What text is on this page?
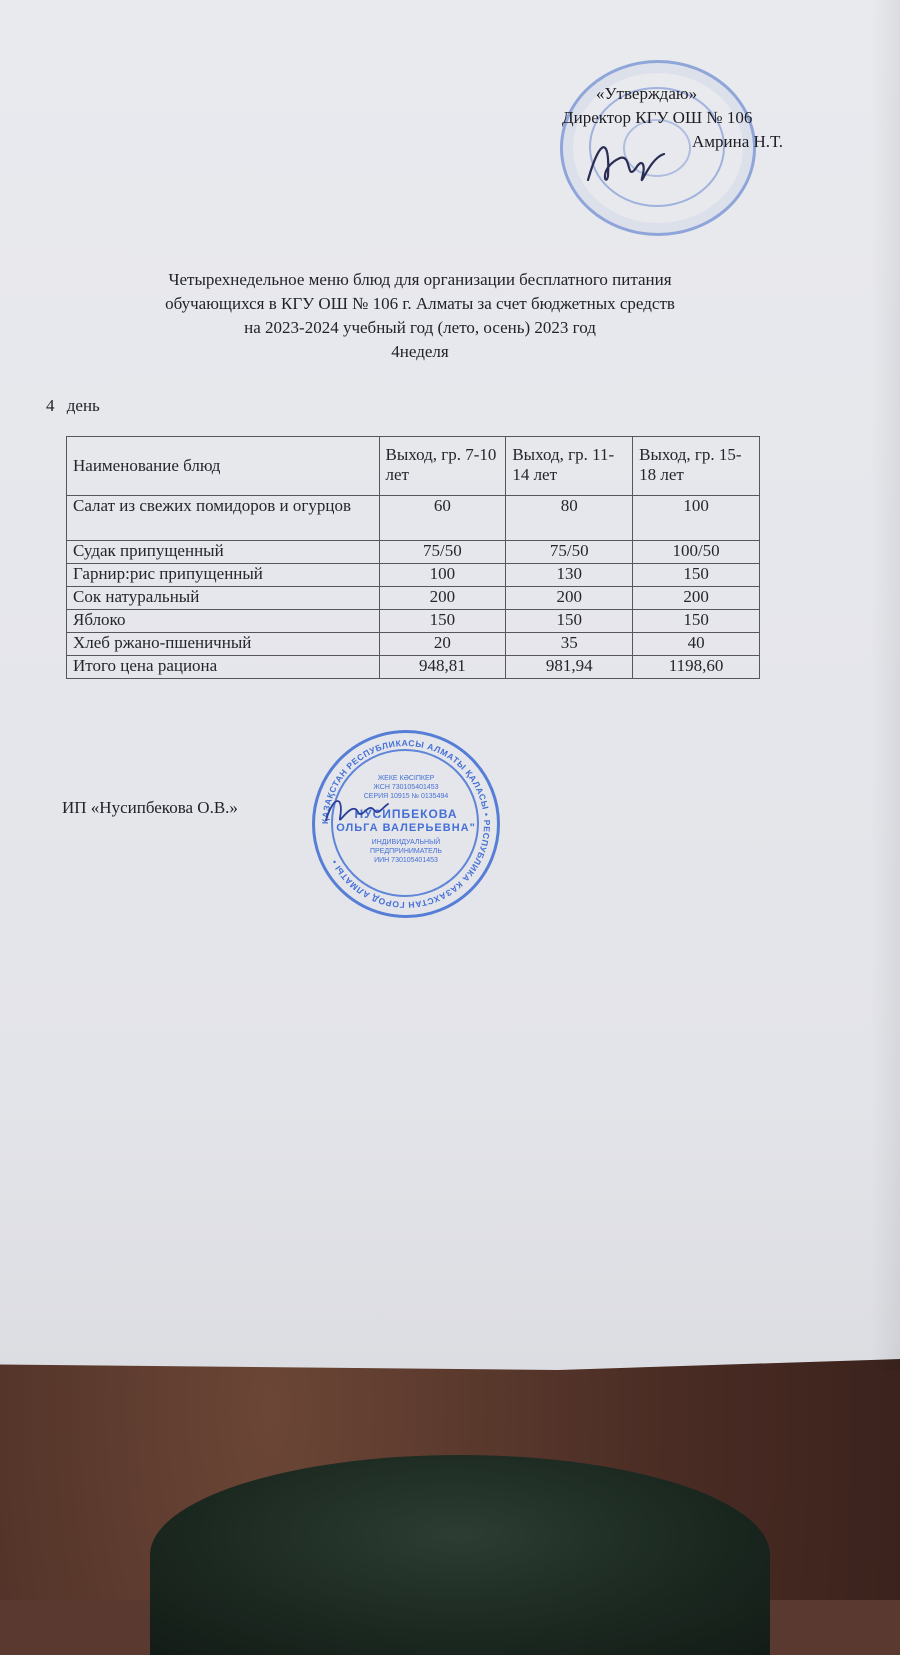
«Утверждаю»
Директор КГУ ОШ № 106
Амрина Н.Т.
Четырехнедельное меню блюд для организации бесплатного питания
обучающихся в КГУ ОШ № 106 г. Алматы за счет бюджетных средств
на 2023-2024 учебный год (лето, осень) 2023 год
4неделя
4 день
Наименование блюд	Выход, гр. 7-10 лет	Выход, гр. 11-14 лет	Выход, гр. 15-18 лет
Салат из свежих помидоров и огурцов	60	80	100
Судак припущенный	75/50	75/50	100/50
Гарнир:рис припущенный	100	130	150
Сок натуральный	200	200	200
Яблоко	150	150	150
Хлеб ржано-пшеничный	20	35	40
Итого цена рациона	948,81	981,94	1198,60
ИП «Нусипбекова О.В.»
ҚАЗАҚСТАН РЕСПУБЛИКАСЫ АЛМАТЫ ҚАЛАСЫ • РЕСПУБЛИКА КАЗАХСТАН ГОРОД АЛМАТЫ •
ЖЕКЕ КӘСІПКЕР
ЖСН 730105401453
СЕРИЯ 10915 № 0135494
НУСИПБЕКОВА
ОЛЬГА ВАЛЕРЬЕВНА"
ИНДИВИДУАЛЬНЫЙ
ПРЕДПРИНИМАТЕЛЬ
ИИН 730105401453
